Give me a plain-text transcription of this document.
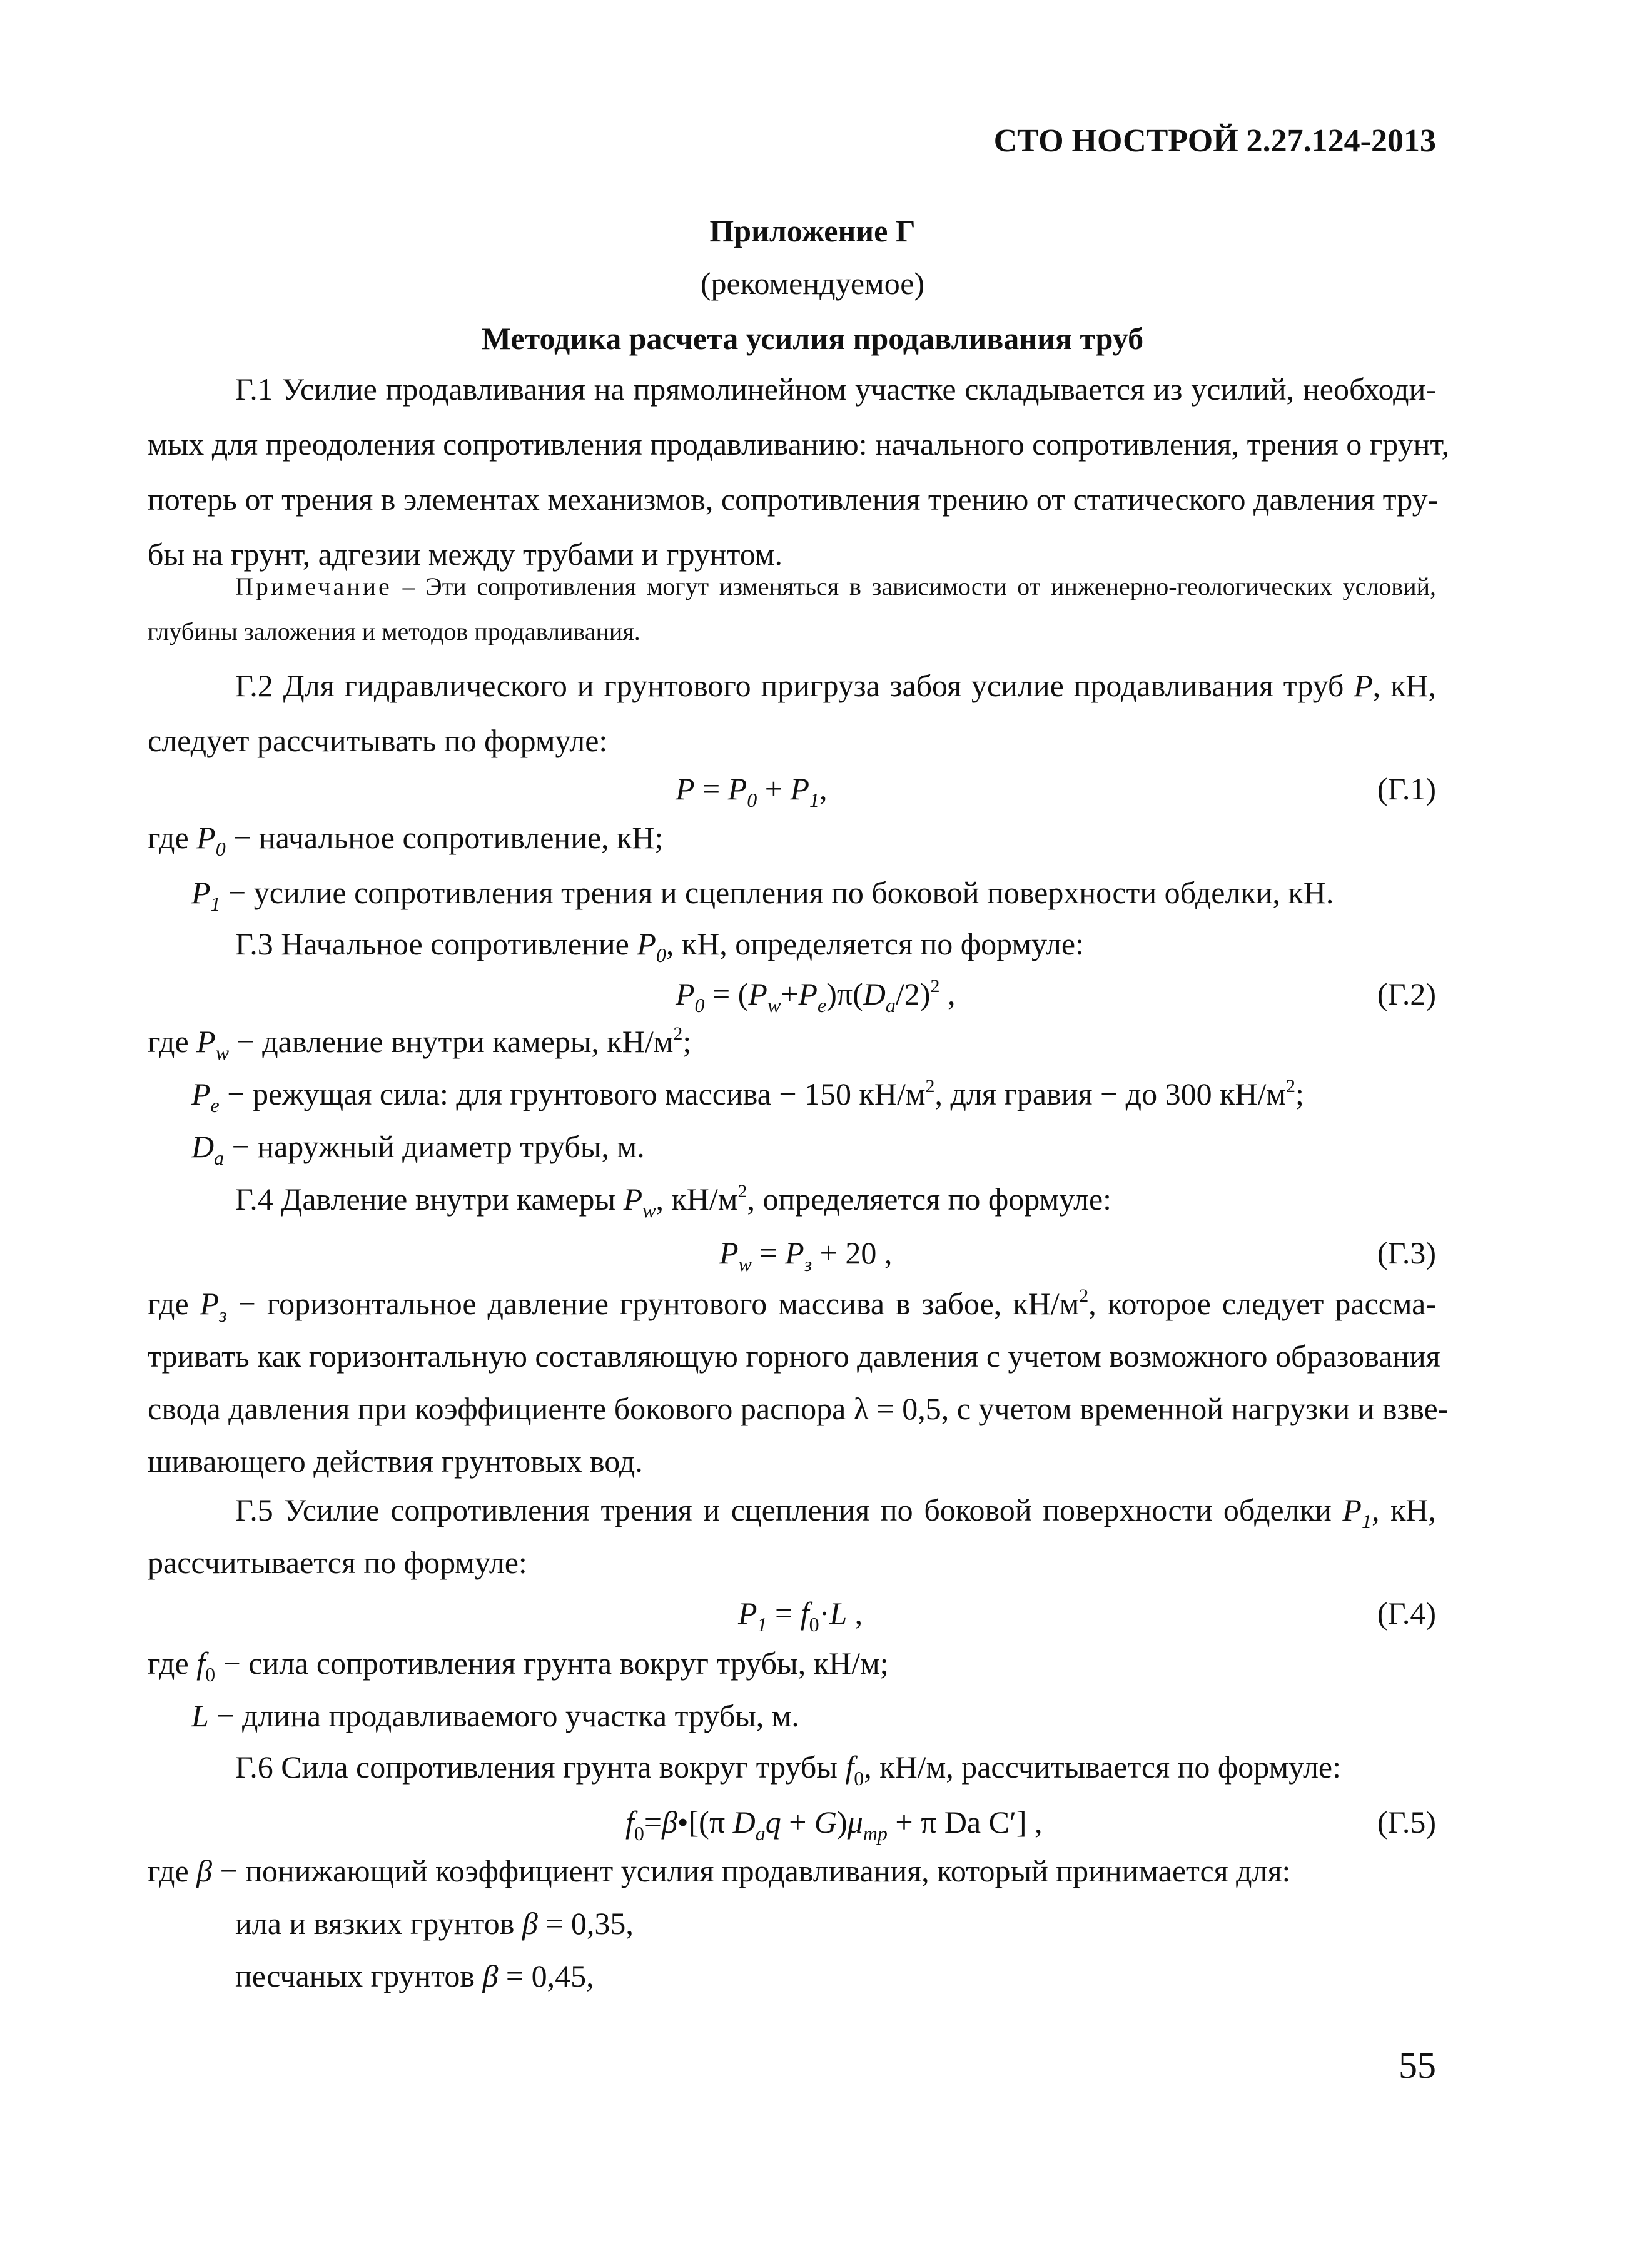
СТО НОСТРОЙ 2.27.124-2013
Приложение Г
(рекомендуемое)
Методика расчета усилия продавливания труб
Г.1 Усилие продавливания на прямолинейном участке складывается из усилий, необходи-
мых для преодоления сопротивления продавливанию: начального сопротивления, трения о грунт,
потерь от трения в элементах механизмов, сопротивления трению от статического давления тру-
бы на грунт, адгезии между трубами и грунтом.
Примечание – Эти сопротивления могут изменяться в зависимости от инженерно-геологических условий,
глубины заложения и методов продавливания.
Г.2 Для гидравлического и грунтового пригруза забоя усилие продавливания труб P, кН,
следует рассчитывать по формуле:
$P = P_0 + P_1$,	(Г.1)
где $P_0$ − начальное сопротивление, кН;
$P_1$ − усилие сопротивления трения и сцепления по боковой поверхности обделки, кН.
Г.3 Начальное сопротивление $P_0$, кН, определяется по формуле:
$P_0 = (P_w+P_e)\pi(D_a/2)^2$ ,	(Г.2)
где $P_w$ − давление внутри камеры, $кН/м^2$;
$P_e$ − режущая сила: для грунтового массива − 150 $кН/м^2$, для гравия − до 300 $кН/м^2$;
$D_a$ − наружный диаметр трубы, м.
Г.4 Давление внутри камеры $P_w$, $кН/м^2$, определяется по формуле:
$P_w = P_з + 20$ ,	(Г.3)
где $P_з$ − горизонтальное давление грунтового массива в забое, $кН/м^2$, которое следует рассма-
тривать как горизонтальную составляющую горного давления с учетом возможного образования
свода давления при коэффициенте бокового распора λ = 0,5, с учетом временной нагрузки и взве-
шивающего действия грунтовых вод.
Г.5 Усилие сопротивления трения и сцепления по боковой поверхности обделки $P_1$, кН,
рассчитывается по формуле:
$P_1 = f_0\cdot L$ ,	(Г.4)
где $f_0$ − сила сопротивления грунта вокруг трубы, кН/м;
L − длина продавливаемого участка трубы, м.
Г.6 Сила сопротивления грунта вокруг трубы $f_0$, кН/м, рассчитывается по формуле:
$f_0=\beta•[(\pi$ $D_aq + G)\mu_{тр} + \pi$ Da C′] ,	(Г.5)
где β − понижающий коэффициент усилия продавливания, который принимается для:
ила и вязких грунтов β = 0,35,
песчаных грунтов β = 0,45,
55
